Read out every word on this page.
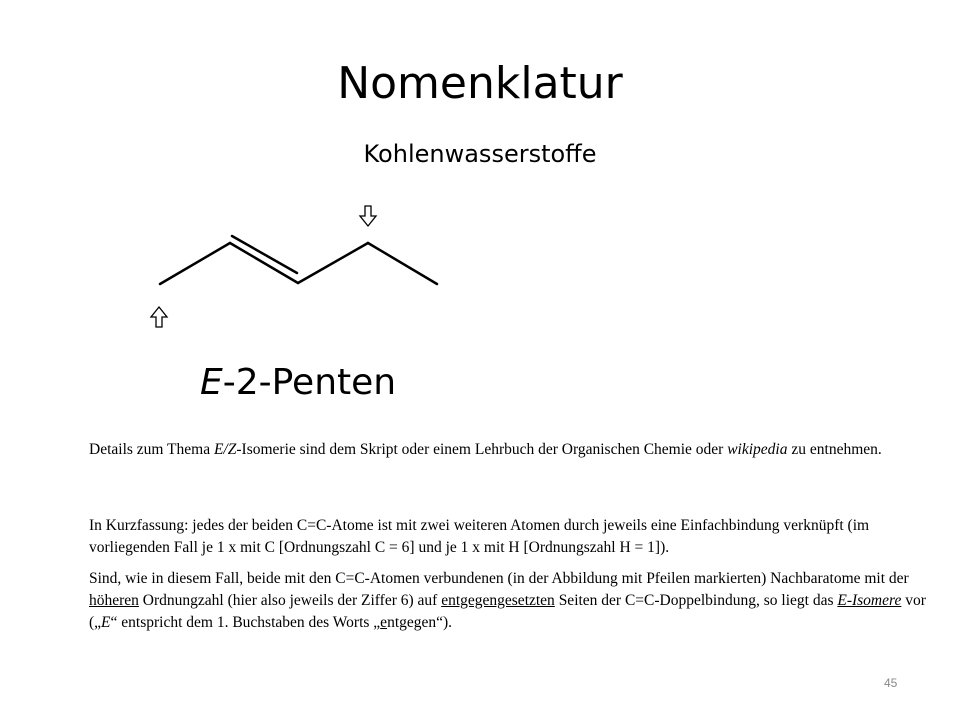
Nomenklatur
Kohlenwasserstoffe
E-2-Penten
Details zum Thema E/Z-Isomerie sind dem Skript oder einem Lehrbuch der Organischen Chemie oder wikipedia zu entnehmen.
In Kurzfassung: jedes der beiden C=C-Atome ist mit zwei weiteren Atomen durch jeweils eine Einfachbindung verknüpft (im vorliegenden Fall je 1 x mit C [Ordnungszahl C = 6] und je 1 x mit H [Ordnungszahl H = 1]).
Sind, wie in diesem Fall, beide mit den C=C-Atomen verbundenen (in der Abbildung mit Pfeilen markierten) Nachbaratome mit der höheren Ordnungzahl (hier also jeweils der Ziffer 6) auf entgegengesetzten Seiten der C=C-Doppelbindung, so liegt das E-Isomere vor („E“ entspricht dem 1. Buchstaben des Worts „entgegen“).
45
